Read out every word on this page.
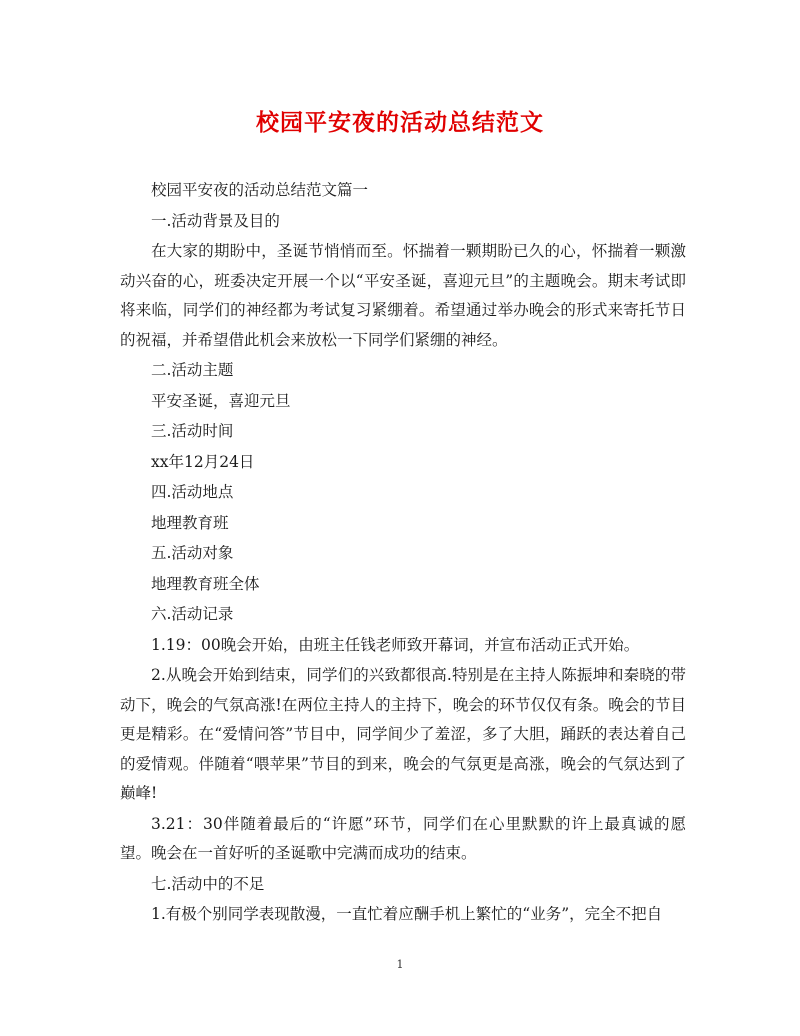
校园平安夜的活动总结范文

校园平安夜的活动总结范文篇一

一.活动背景及目的

在大家的期盼中，圣诞节悄悄而至。怀揣着一颗期盼已久的心，怀揣着一颗激动兴奋的心，班委决定开展一个以“平安圣诞，喜迎元旦”的主题晚会。期末考试即将来临，同学们的神经都为考试复习紧绷着。希望通过举办晚会的形式来寄托节日的祝福，并希望借此机会来放松一下同学们紧绷的神经。

二.活动主题

平安圣诞，喜迎元旦

三.活动时间

xx年12月24日

四.活动地点

地理教育班

五.活动对象

地理教育班全体

六.活动记录

1.19：00晚会开始，由班主任钱老师致开幕词，并宣布活动正式开始。

2.从晚会开始到结束，同学们的兴致都很高.特别是在主持人陈振坤和秦晓的带动下，晚会的气氛高涨!在两位主持人的主持下，晚会的环节仅仅有条。晚会的节目更是精彩。在“爱情问答”节目中，同学间少了羞涩，多了大胆，踊跃的表达着自己的爱情观。伴随着“喂苹果”节目的到来，晚会的气氛更是高涨，晚会的气氛达到了巅峰!

3.21：30伴随着最后的“许愿”环节，同学们在心里默默的许上最真诚的愿望。晚会在一首好听的圣诞歌中完满而成功的结束。

七.活动中的不足

1.有极个别同学表现散漫，一直忙着应酬手机上繁忙的“业务”，完全不把自

1
